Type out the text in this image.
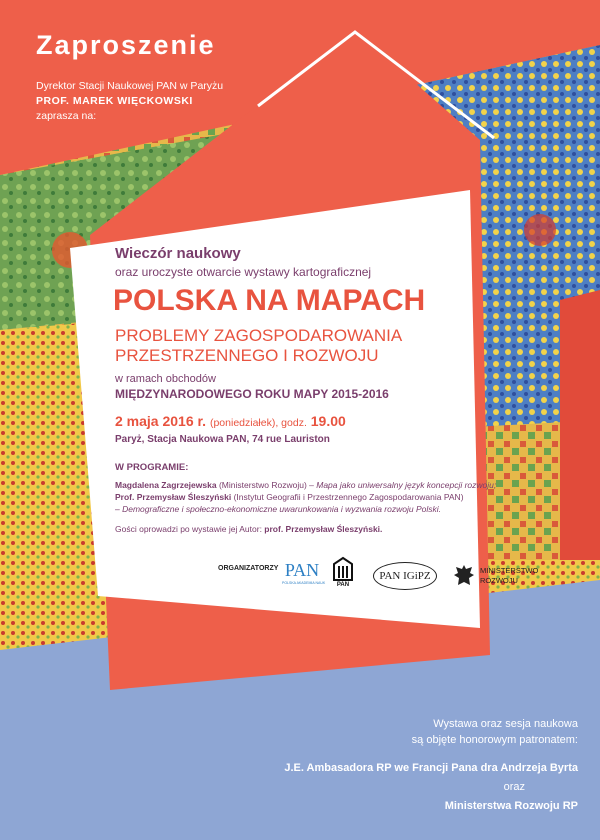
Zaproszenie

Dyrektor Stacji Naukowej PAN w Paryżu

PROF. MAREK WIĘCKOWSKI

zaprasza na:

Wieczór naukowy
oraz uroczyste otwarcie wystawy kartograficznej
POLSKA NA MAPACH
PROBLEMY ZAGOSPODAROWANIA
PRZESTRZENNEGO I ROZWOJU
w ramach obchodów
MIĘDZYNARODOWEGO ROKU MAPY 2015-2016
2 maja 2016 r. (poniedziałek), godz. 19.00
Paryż, Stacja Naukowa PAN, 74 rue Lauriston
W PROGRAMIE:
Magdalena Zagrzejewska (Ministerstwo Rozwoju) – Mapa jako uniwersalny język koncepcji rozwoju;
Prof. Przemysław Śleszyński (Instytut Geografii i Przestrzennego Zagospodarowania PAN)
– Demograficzne i społeczno-ekonomiczne uwarunkowania i wyzwania rozwoju Polski.
Gości oprowadzi po wystawie jej Autor: prof. Przemysław Śleszyński.
ORGANIZATORZY PAN
POLSKA AKADEMIA NAUK	PAN
PAN IGiPZ	MINISTERSTWO
ROZWOJU
Wystawa oraz sesja naukowa
są objęte honorowym patronatem:
J.E. Ambasadora RP we Francji Pana dra Andrzeja Byrta
oraz
Ministerstwa Rozwoju RP
